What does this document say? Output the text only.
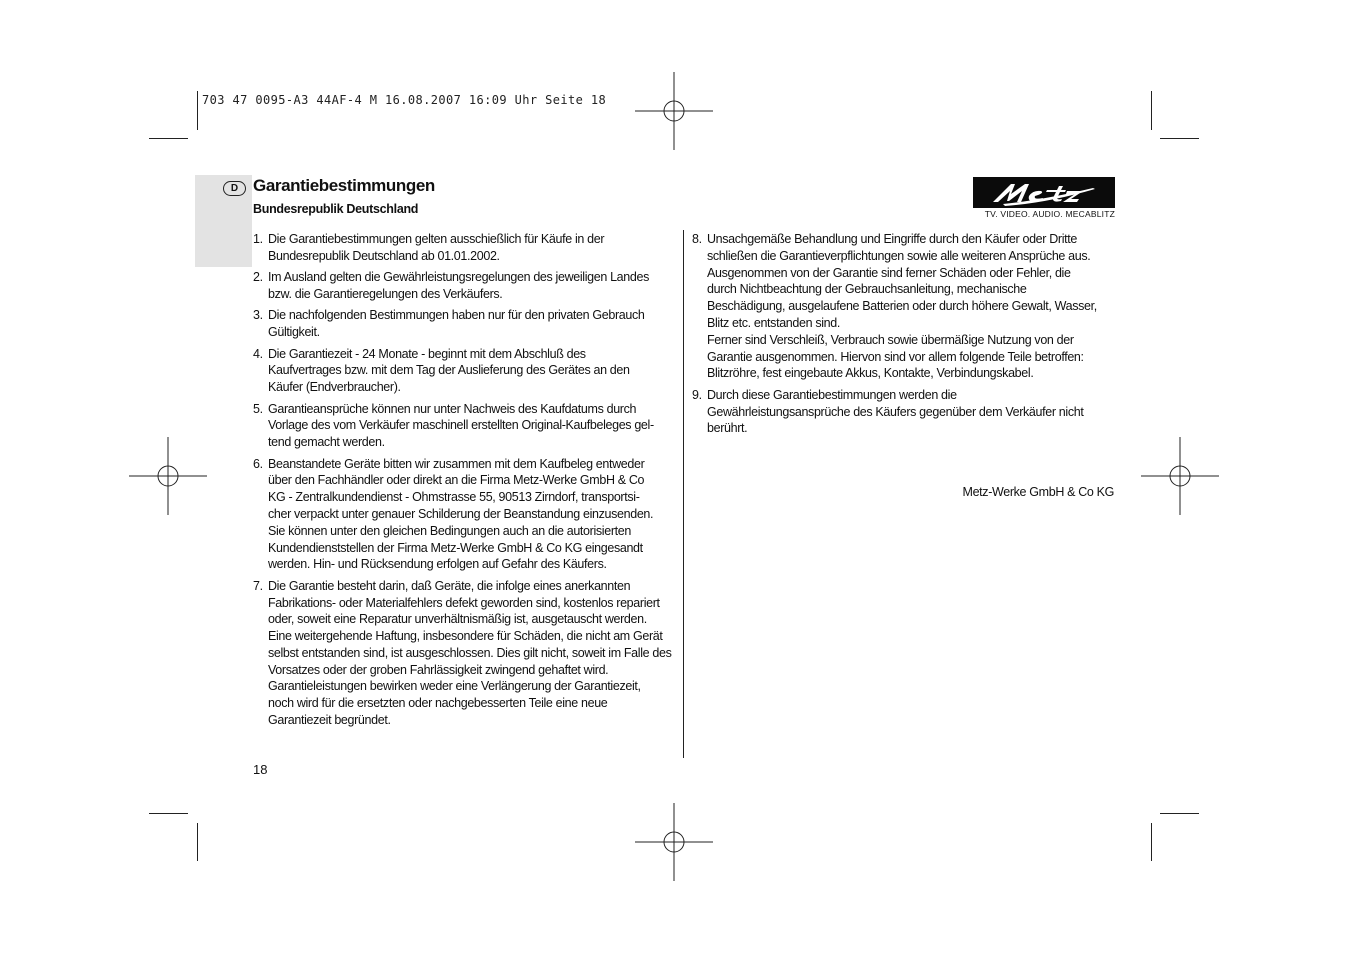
703 47 0095-A3 44AF-4 M 16.08.2007 16:09 Uhr Seite 18
D Garantiebestimmungen
Bundesrepublik Deutschland	TV. VIDEO. AUDIO. MECABLITZ
1. Die Garantiebestimmungen gelten ausschießlich für Käufe in der
Bundesrepublik Deutschland ab 01.01.2002.
2. Im Ausland gelten die Gewährleistungsregelungen des jeweiligen Landes
bzw. die Garantieregelungen des Verkäufers.
3. Die nachfolgenden Bestimmungen haben nur für den privaten Gebrauch
Gültigkeit.
4. Die Garantiezeit - 24 Monate - beginnt mit dem Abschluß des
Kaufvertrages bzw. mit dem Tag der Auslieferung des Gerätes an den
Käufer (Endverbraucher).
5. Garantieansprüche können nur unter Nachweis des Kaufdatums durch
Vorlage des vom Verkäufer maschinell erstellten Original-Kaufbeleges gel-
tend gemacht werden.
6. Beanstandete Geräte bitten wir zusammen mit dem Kaufbeleg entweder
über den Fachhändler oder direkt an die Firma Metz-Werke GmbH & Co
KG - Zentralkundendienst - Ohmstrasse 55, 90513 Zirndorf, transportsi-
cher verpackt unter genauer Schilderung der Beanstandung einzusenden.
Sie können unter den gleichen Bedingungen auch an die autorisierten
Kundendienststellen der Firma Metz-Werke GmbH & Co KG eingesandt
werden. Hin- und Rücksendung erfolgen auf Gefahr des Käufers.
7. Die Garantie besteht darin, daß Geräte, die infolge eines anerkannten
Fabrikations- oder Materialfehlers defekt geworden sind, kostenlos repariert
oder, soweit eine Reparatur unverhältnismäßig ist, ausgetauscht werden.
Eine weitergehende Haftung, insbesondere für Schäden, die nicht am Gerät
selbst entstanden sind, ist ausgeschlossen. Dies gilt nicht, soweit im Falle des
Vorsatzes oder der groben Fahrlässigkeit zwingend gehaftet wird.
Garantieleistungen bewirken weder eine Verlängerung der Garantiezeit,
noch wird für die ersetzten oder nachgebesserten Teile eine neue
Garantiezeit begründet.
8. Unsachgemäße Behandlung und Eingriffe durch den Käufer oder Dritte
schließen die Garantieverpflichtungen sowie alle weiteren Ansprüche aus.
Ausgenommen von der Garantie sind ferner Schäden oder Fehler, die
durch Nichtbeachtung der Gebrauchsanleitung, mechanische
Beschädigung, ausgelaufene Batterien oder durch höhere Gewalt, Wasser,
Blitz etc. entstanden sind.
Ferner sind Verschleiß, Verbrauch sowie übermäßige Nutzung von der
Garantie ausgenommen. Hiervon sind vor allem folgende Teile betroffen:
Blitzröhre, fest eingebaute Akkus, Kontakte, Verbindungskabel.
9. Durch diese Garantiebestimmungen werden die
Gewährleistungsansprüche des Käufers gegenüber dem Verkäufer nicht
berührt.
Metz-Werke GmbH & Co KG
18
